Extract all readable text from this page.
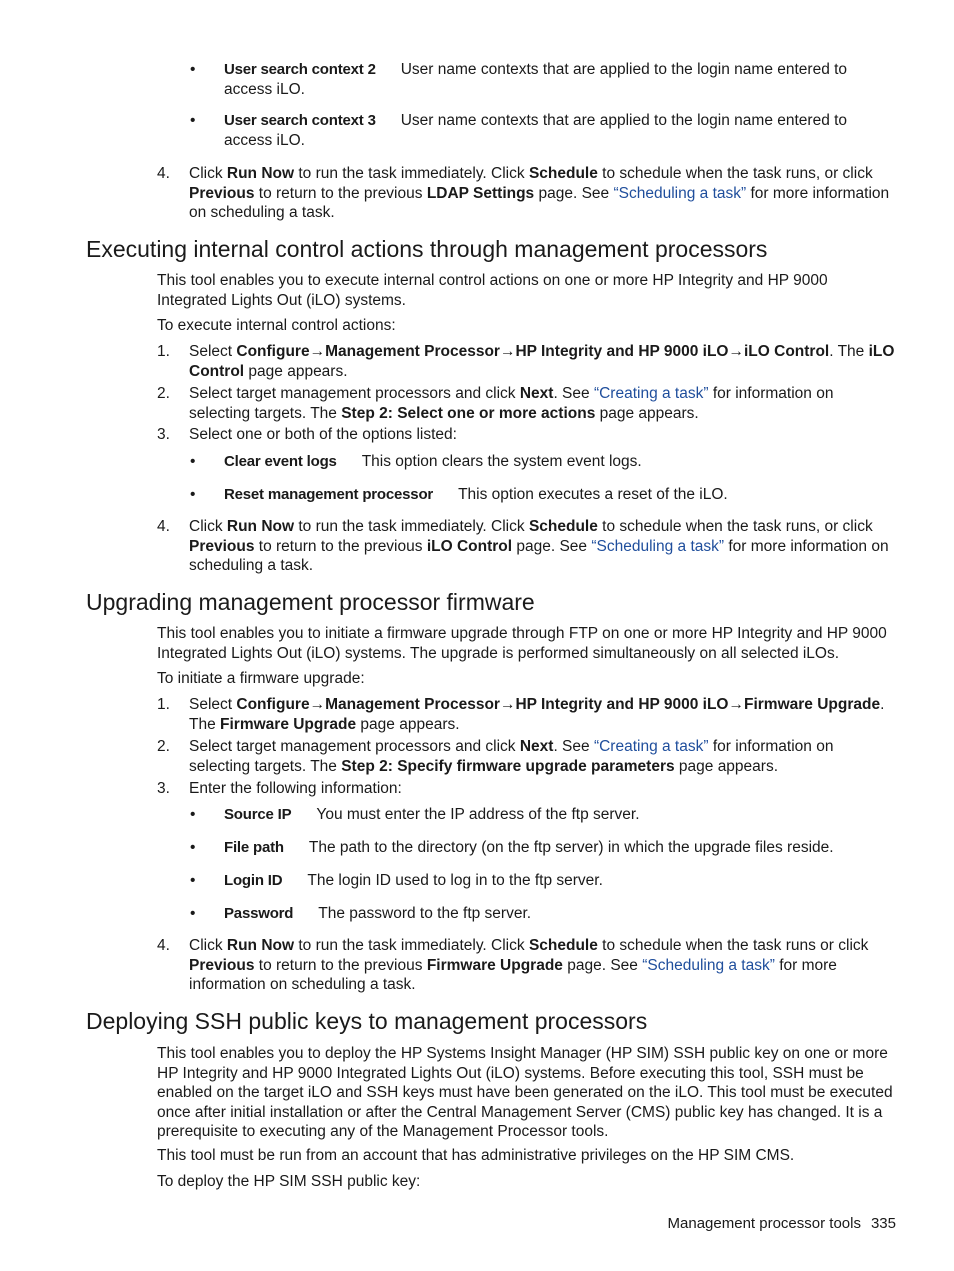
• User search context 2 User name contexts that are applied to the login name entered to access iLO.
• User search context 3 User name contexts that are applied to the login name entered to access iLO.
4.	Click Run Now to run the task immediately. Click Schedule to schedule when the task runs, or click Previous to return to the previous LDAP Settings page. See “Scheduling a task” for more information on scheduling a task.
Executing internal control actions through management processors

This tool enables you to execute internal control actions on one or more HP Integrity and HP 9000 Integrated Lights Out (iLO) systems.

To execute internal control actions:

1.	Select Configure→Management Processor→HP Integrity and HP 9000 iLO→iLO Control. The iLO Control page appears.
2.	Select target management processors and click Next. See “Creating a task” for information on selecting targets. The Step 2: Select one or more actions page appears.
3.	Select one or both of the options listed:
• Clear event logs This option clears the system event logs.
• Reset management processor This option executes a reset of the iLO.
4.	Click Run Now to run the task immediately. Click Schedule to schedule when the task runs, or click Previous to return to the previous iLO Control page. See “Scheduling a task” for more information on scheduling a task.
Upgrading management processor firmware

This tool enables you to initiate a firmware upgrade through FTP on one or more HP Integrity and HP 9000 Integrated Lights Out (iLO) systems. The upgrade is performed simultaneously on all selected iLOs.

To initiate a firmware upgrade:

1.	Select Configure→Management Processor→HP Integrity and HP 9000 iLO→Firmware Upgrade. The Firmware Upgrade page appears.
2.	Select target management processors and click Next. See “Creating a task” for information on selecting targets. The Step 2: Specify firmware upgrade parameters page appears.
3.	Enter the following information:
• Source IP You must enter the IP address of the ftp server.
• File path The path to the directory (on the ftp server) in which the upgrade files reside.
• Login ID The login ID used to log in to the ftp server.
• Password The password to the ftp server.
4.	Click Run Now to run the task immediately. Click Schedule to schedule when the task runs or click Previous to return to the previous Firmware Upgrade page. See “Scheduling a task” for more information on scheduling a task.
Deploying SSH public keys to management processors

This tool enables you to deploy the HP Systems Insight Manager (HP SIM) SSH public key on one or more HP Integrity and HP 9000 Integrated Lights Out (iLO) systems. Before executing this tool, SSH must be enabled on the target iLO and SSH keys must have been generated on the iLO. This tool must be executed once after initial installation or after the Central Management Server (CMS) public key has changed. It is a prerequisite to executing any of the Management Processor tools.

This tool must be run from an account that has administrative privileges on the HP SIM CMS.

To deploy the HP SIM SSH public key:

Management processor tools 335
